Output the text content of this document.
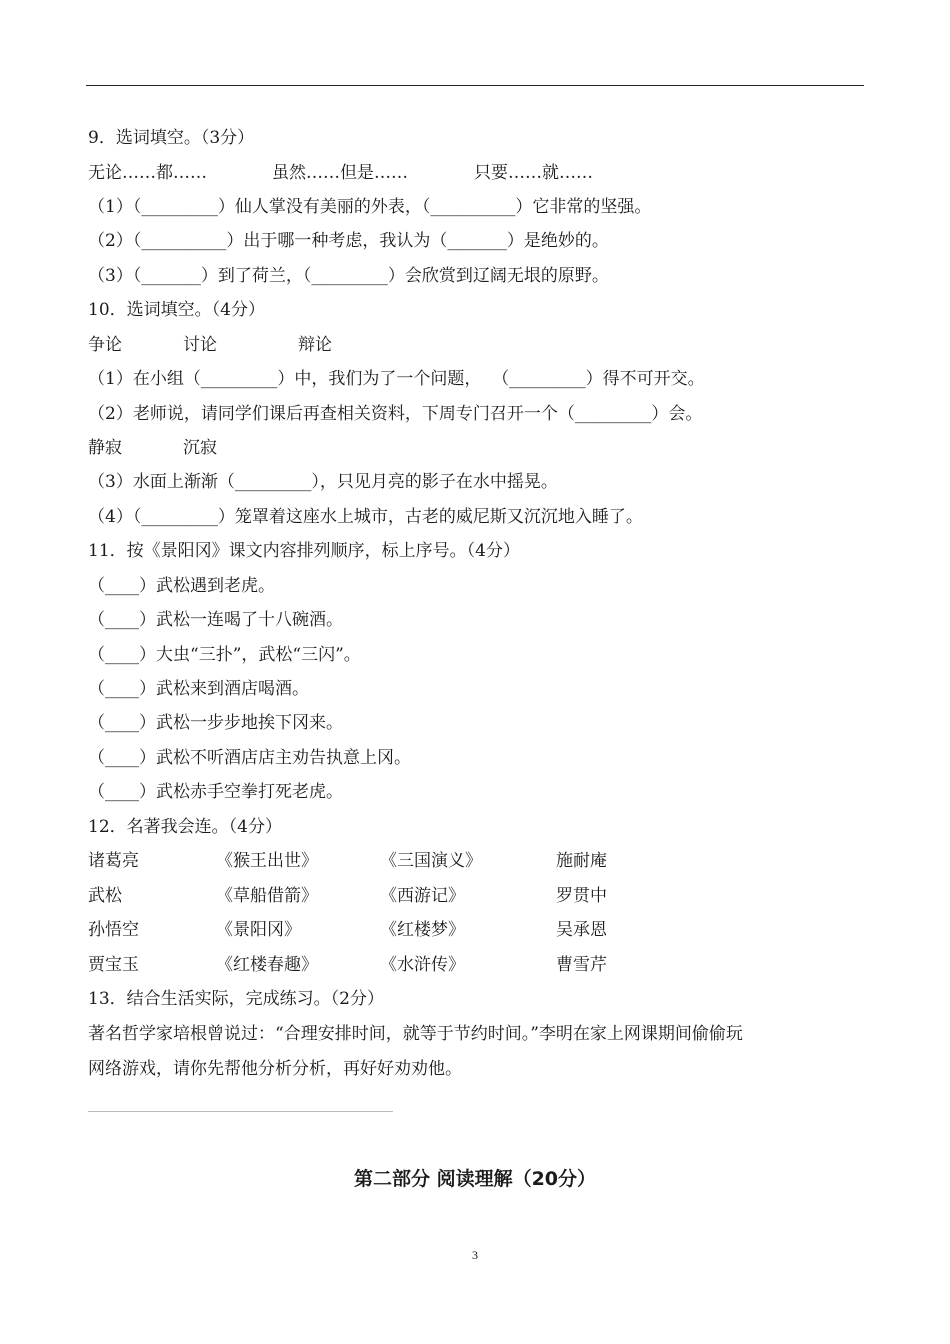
9．选词填空。（3分）
无论……都……	虽然……但是……	只要……就……
（1）（_________）仙人掌没有美丽的外表，（__________）它非常的坚强。
（2）（__________）出于哪一种考虑，我认为（_______）是绝妙的。
（3）（_______）到了荷兰，（_________）会欣赏到辽阔无垠的原野。
10．选词填空。（4分）
争论	讨论	辩论
（1）在小组（_________）中，我们为了一个问题，  （_________）得不可开交。
（2）老师说，请同学们课后再查相关资料，下周专门召开一个（_________）会。
静寂	沉寂
（3）水面上渐渐（_________），只见月亮的影子在水中摇晃。
（4）（_________）笼罩着这座水上城市，古老的威尼斯又沉沉地入睡了。
11．按《景阳冈》课文内容排列顺序，标上序号。（4分）
（____）武松遇到老虎。
（____）武松一连喝了十八碗酒。
（____）大虫“三扑”，武松“三闪”。
（____）武松来到酒店喝酒。
（____）武松一步步地挨下冈来。
（____）武松不听酒店店主劝告执意上冈。
（____）武松赤手空拳打死老虎。
12．名著我会连。（4分）
诸葛亮	《猴王出世》	《三国演义》	施耐庵
武松	《草船借箭》	《西游记》	罗贯中
孙悟空	《景阳冈》	《红楼梦》	吴承恩
贾宝玉	《红楼春趣》	《水浒传》	曹雪芹
13．结合生活实际，完成练习。（2分）
著名哲学家培根曾说过：“合理安排时间，就等于节约时间。”李明在家上网课期间偷偷玩
网络游戏，请你先帮他分析分析，再好好劝劝他。
第二部分 阅读理解（20分）
3
